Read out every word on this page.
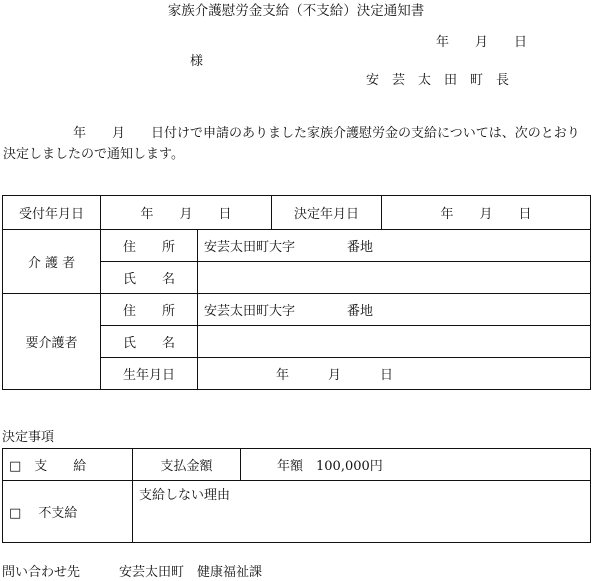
家族介護慰労金支給（不支給）決定通知書
年　　月　　日
様
安　芸　太　田　町　長
年　　月　　日付けで申請のありました家族介護慰労金の支給については、次のとおり決定しましたので通知します。
受付年月日	年　　月　　日		決定年月日	年　　月　　日
介 護 者	住　　所	安芸太田町大字　　　　番地		
	氏　　名			
要介護者	住　　所	安芸太田町大字　　　　番地		
	氏　　名			
	生年月日	年　　　月　　　日		
決定事項
□　支　　給	支払金額	年額　100,000円
□　 不支給	支給しない理由	
問い合わせ先　　　安芸太田町　健康福祉課
